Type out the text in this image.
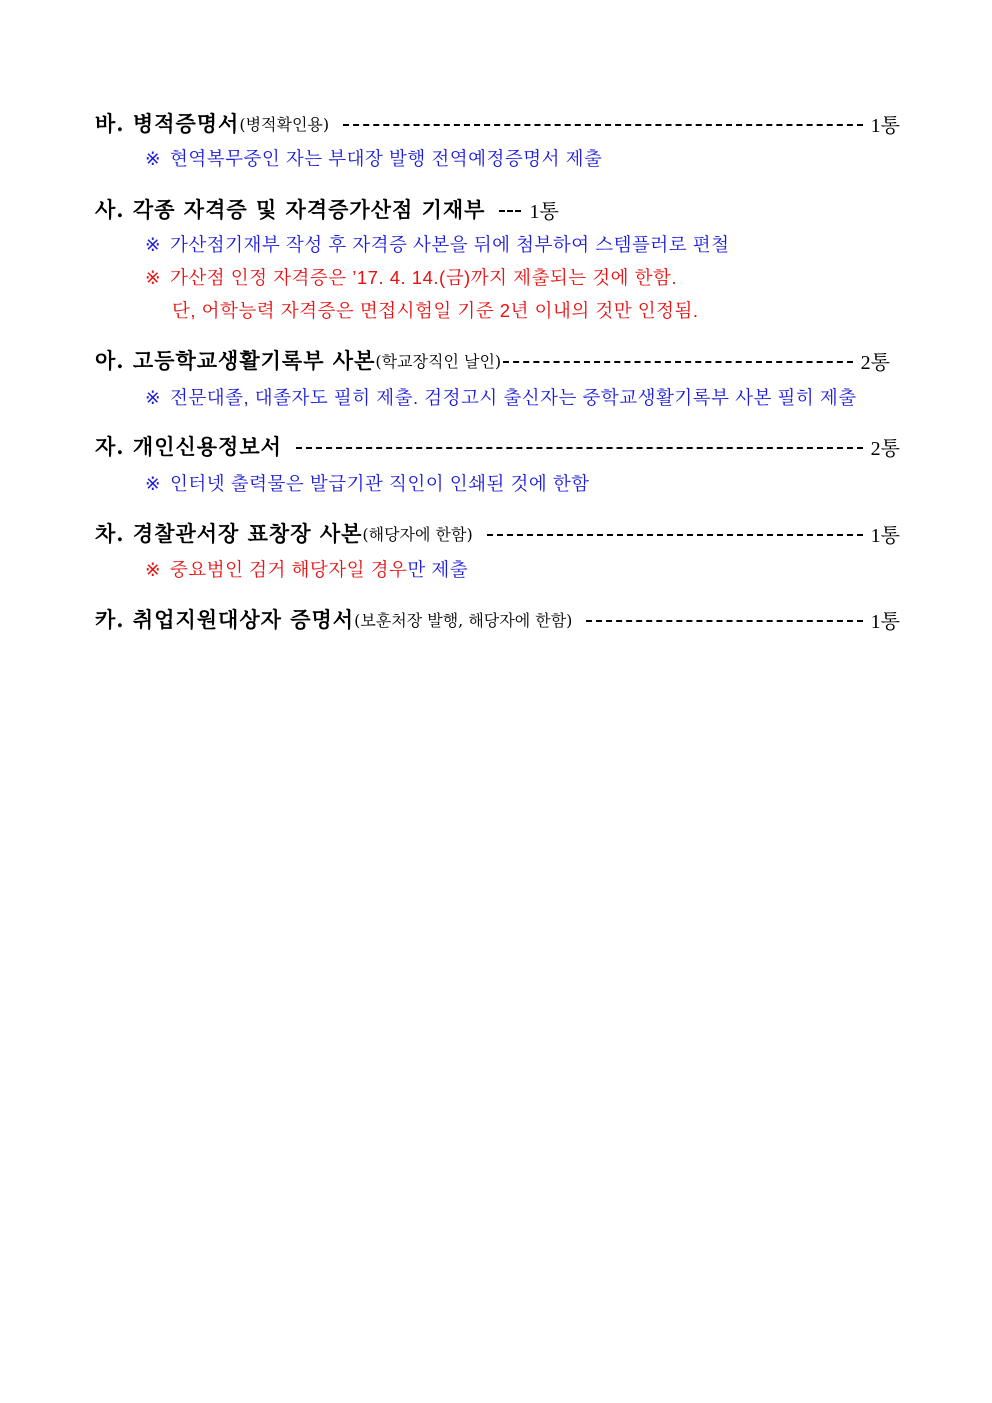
바. 병적증명서 (병적확인용)	1통
※ 현역복무중인 자는 부대장 발행 전역예정증명서 제출
사. 각종 자격증 및 자격증가산점 기재부 1통
※ 가산점기재부 작성 후 자격증 사본을 뒤에 첨부하여 스템플러로 편철
※ 가산점 인정 자격증은 ’17. 4. 14.(금)까지 제출되는 것에 한함.
단, 어학능력 자격증은 면접시험일 기준 2년 이내의 것만 인정됨.
아. 고등학교생활기록부 사본 (학교장직인 날인)	2통
※ 전문대졸, 대졸자도 필히 제출. 검정고시 출신자는 중학교생활기록부 사본 필히 제출
자. 개인신용정보서	2통
※ 인터넷 출력물은 발급기관 직인이 인쇄된 것에 한함
차. 경찰관서장 표창장 사본 (해당자에 한함)	1통
※ 중요범인 검거 해당자일 경우만 제출
카. 취업지원대상자 증명서 (보훈처장 발행, 해당자에 한함)	1통
